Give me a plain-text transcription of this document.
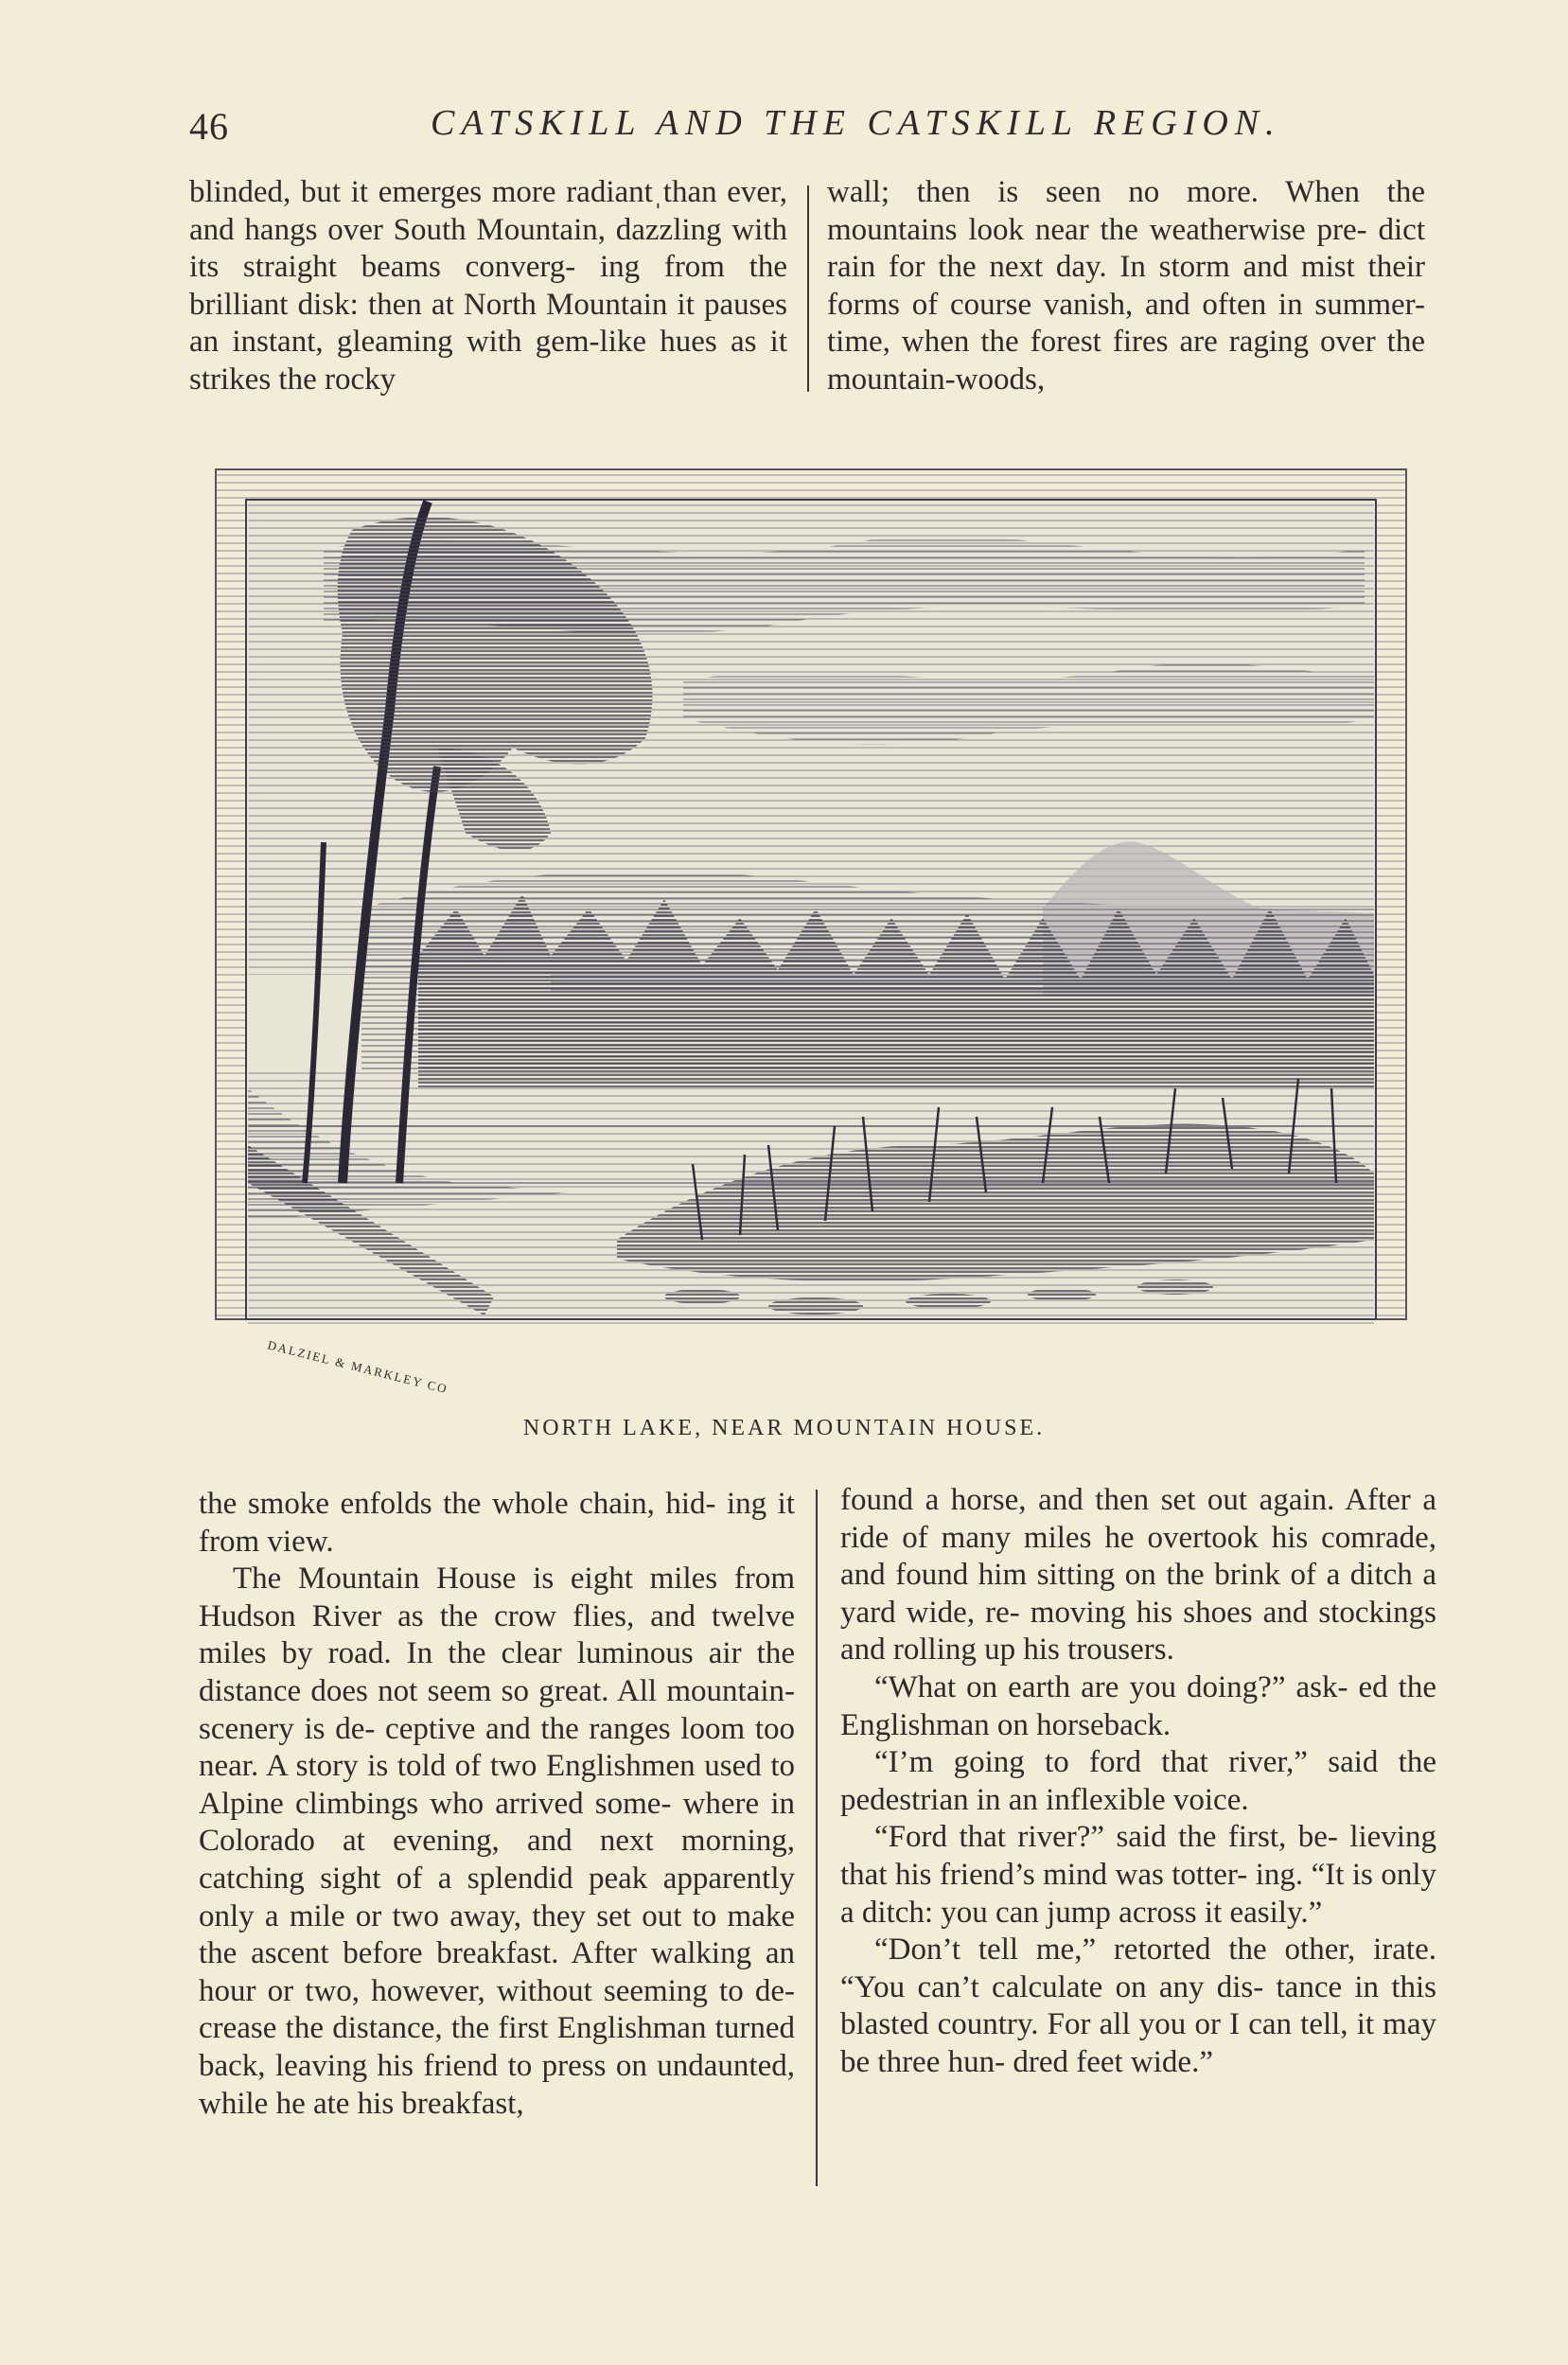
46	CATSKILL AND THE CATSKILL REGION.

blinded, but it emerges more radiantˌthan ever, and hangs over South Mountain, dazzling with its straight beams converg- ing from the brilliant disk: then at North Mountain it pauses an instant, gleaming with gem-like hues as it strikes the rocky

wall; then is seen no more. When the mountains look near the weatherwise pre- dict rain for the next day. In storm and mist their forms of course vanish, and often in summer-time, when the forest fires are raging over the mountain-woods,

DALZIEL & MARKLEY CO
NORTH LAKE, NEAR MOUNTAIN HOUSE.

the smoke enfolds the whole chain, hid- ing it from view.

The Mountain House is eight miles from Hudson River as the crow flies, and twelve miles by road. In the clear luminous air the distance does not seem so great. All mountain-scenery is de- ceptive and the ranges loom too near. A story is told of two Englishmen used to Alpine climbings who arrived some- where in Colorado at evening, and next morning, catching sight of a splendid peak apparently only a mile or two away, they set out to make the ascent before breakfast. After walking an hour or two, however, without seeming to de- crease the distance, the first Englishman turned back, leaving his friend to press on undaunted, while he ate his breakfast,

found a horse, and then set out again. After a ride of many miles he overtook his comrade, and found him sitting on the brink of a ditch a yard wide, re- moving his shoes and stockings and rolling up his trousers.

“What on earth are you doing?” ask- ed the Englishman on horseback.

“I’m going to ford that river,” said the pedestrian in an inflexible voice.

“Ford that river?” said the first, be- lieving that his friend’s mind was totter- ing. “It is only a ditch: you can jump across it easily.”

“Don’t tell me,” retorted the other, irate. “You can’t calculate on any dis- tance in this blasted country. For all you or I can tell, it may be three hun- dred feet wide.”
